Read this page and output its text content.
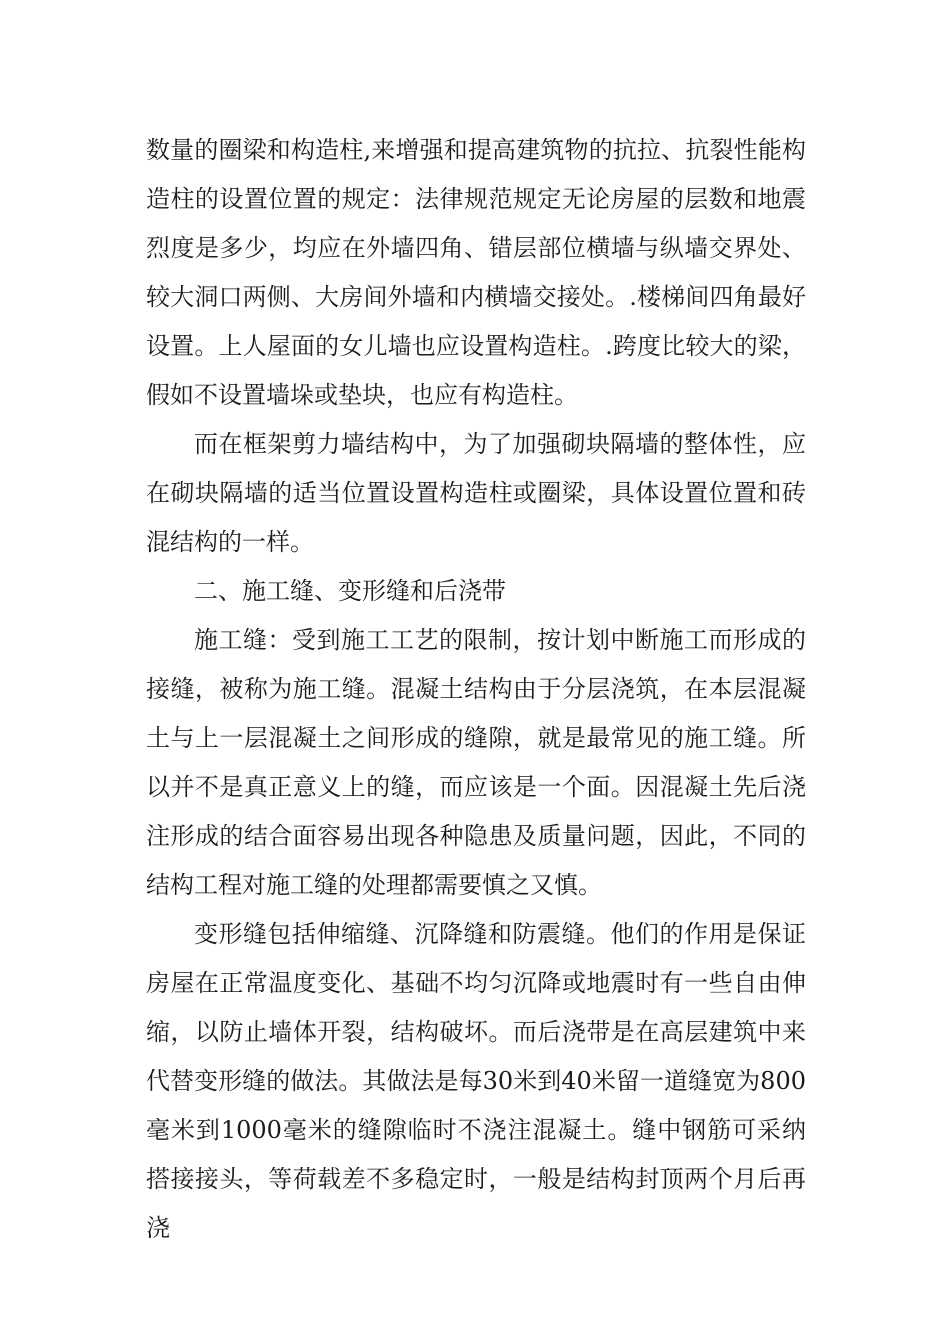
数量的圈梁和构造柱,来增强和提高建筑物的抗拉、抗裂性能构造柱的设置位置的规定：法律规范规定无论房屋的层数和地震烈度是多少，均应在外墙四角、错层部位横墙与纵墙交界处、较大洞口两侧、大房间外墙和内横墙交接处。.楼梯间四角最好设置。上人屋面的女儿墙也应设置构造柱。.跨度比较大的梁，假如不设置墙垛或垫块，也应有构造柱。

而在框架剪力墙结构中，为了加强砌块隔墙的整体性，应在砌块隔墙的适当位置设置构造柱或圈梁，具体设置位置和砖混结构的一样。

二、施工缝、变形缝和后浇带

施工缝：受到施工工艺的限制，按计划中断施工而形成的接缝，被称为施工缝。混凝土结构由于分层浇筑，在本层混凝土与上一层混凝土之间形成的缝隙，就是最常见的施工缝。所以并不是真正意义上的缝，而应该是一个面。因混凝土先后浇注形成的结合面容易出现各种隐患及质量问题，因此，不同的结构工程对施工缝的处理都需要慎之又慎。

变形缝包括伸缩缝、沉降缝和防震缝。他们的作用是保证房屋在正常温度变化、基础不均匀沉降或地震时有一些自由伸缩，以防止墙体开裂，结构破坏。而后浇带是在高层建筑中来代替变形缝的做法。其做法是每30米到40米留一道缝宽为800毫米到1000毫米的缝隙临时不浇注混凝土。缝中钢筋可采纳搭接接头，等荷载差不多稳定时，一般是结构封顶两个月后再浇
